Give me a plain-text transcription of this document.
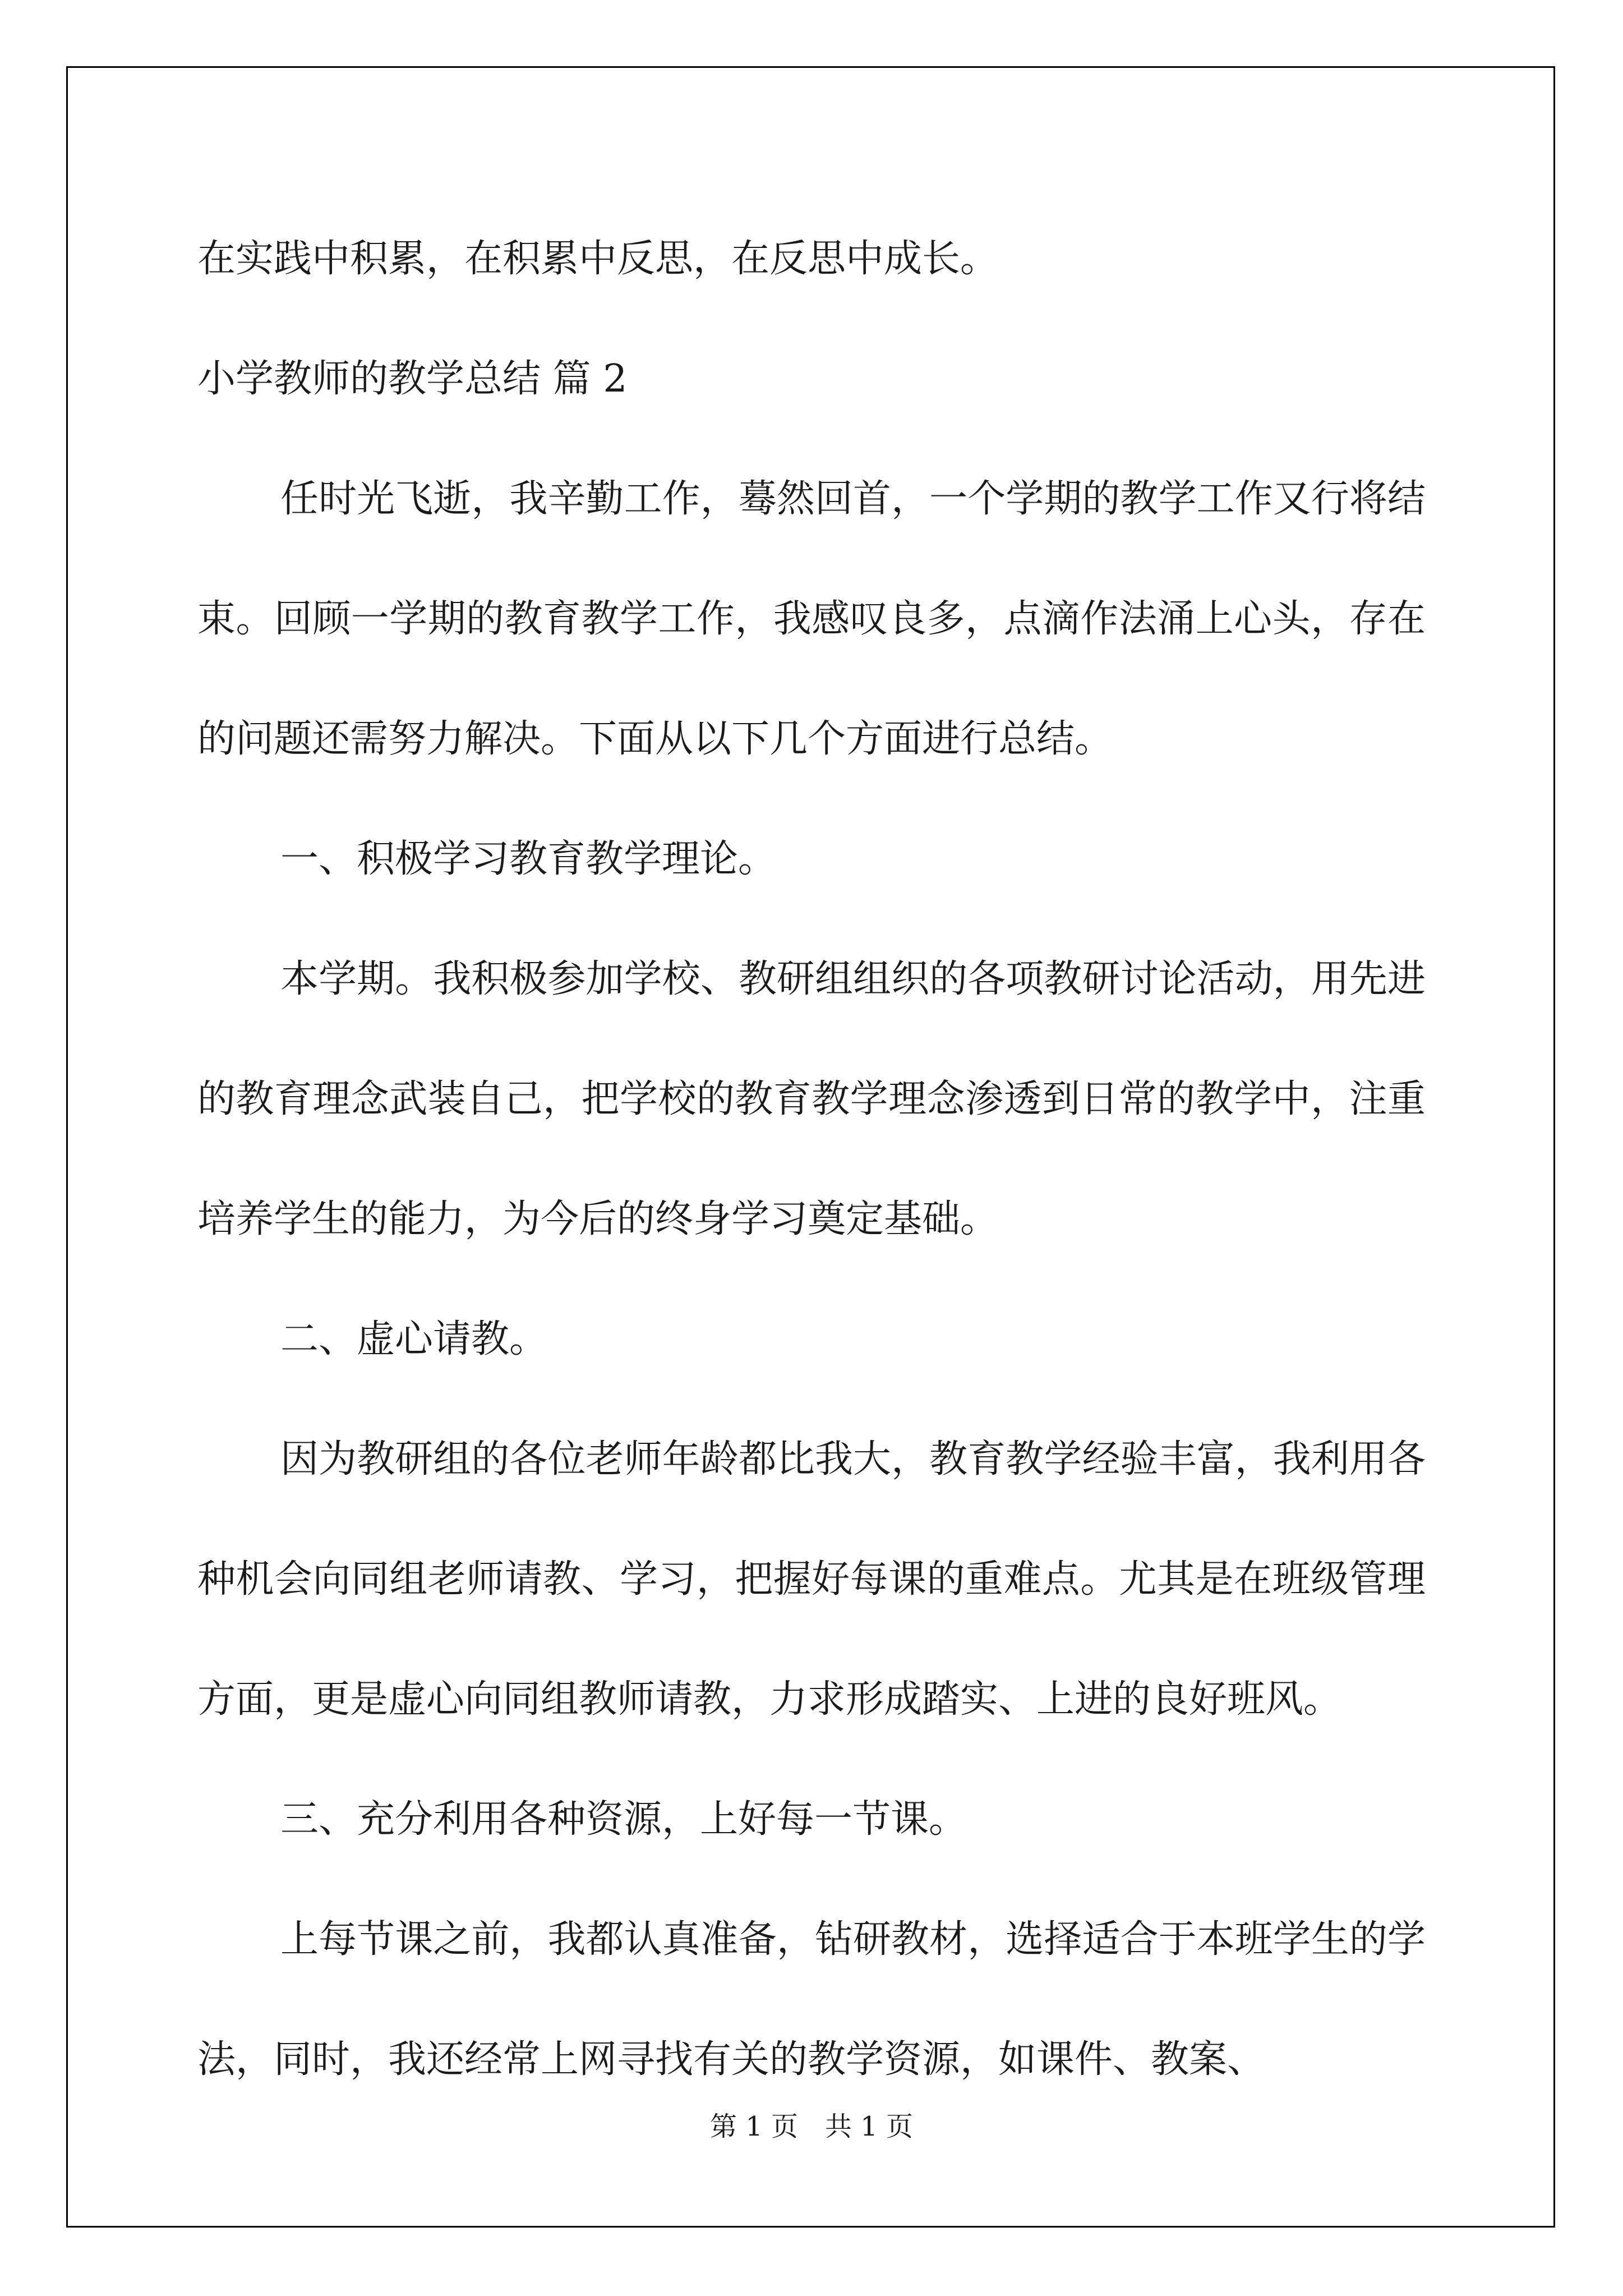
在实践中积累，在积累中反思，在反思中成长。
小学教师的教学总结 篇 2

任时光飞逝，我辛勤工作，蓦然回首，一个学期的教学工作又行将结束。回顾一学期的教育教学工作，我感叹良多，点滴作法涌上心头，存在的问题还需努力解决。下面从以下几个方面进行总结。

一、积极学习教育教学理论。

本学期。我积极参加学校、教研组组织的各项教研讨论活动，用先进的教育理念武装自己，把学校的教育教学理念渗透到日常的教学中，注重培养学生的能力，为今后的终身学习奠定基础。

二、虚心请教。

因为教研组的各位老师年龄都比我大，教育教学经验丰富，我利用各种机会向同组老师请教、学习，把握好每课的重难点。尤其是在班级管理方面，更是虚心向同组教师请教，力求形成踏实、上进的良好班风。

三、充分利用各种资源，上好每一节课。

上每节课之前，我都认真准备，钻研教材，选择适合于本班学生的学法，同时，我还经常上网寻找有关的教学资源，如课件、教案、

第 1 页　共 1 页
